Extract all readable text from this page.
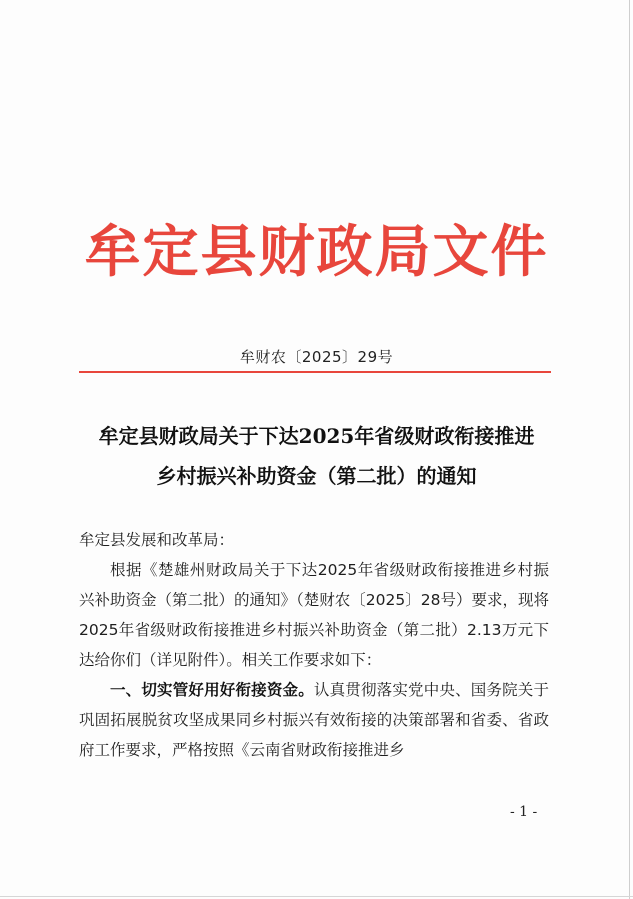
牟定县财政局文件
牟财农〔2025〕29号
牟定县财政局关于下达2025年省级财政衔接推进
乡村振兴补助资金（第二批）的通知

牟定县发展和改革局：

根据《楚雄州财政局关于下达2025年省级财政衔接推进乡村振兴补助资金（第二批）的通知》（楚财农〔2025〕28号）要求，现将2025年省级财政衔接推进乡村振兴补助资金（第二批）2.13万元下达给你们（详见附件）。相关工作要求如下：

一、切实管好用好衔接资金。认真贯彻落实党中央、国务院关于巩固拓展脱贫攻坚成果同乡村振兴有效衔接的决策部署和省委、省政府工作要求，严格按照《云南省财政衔接推进乡

- 1 -
